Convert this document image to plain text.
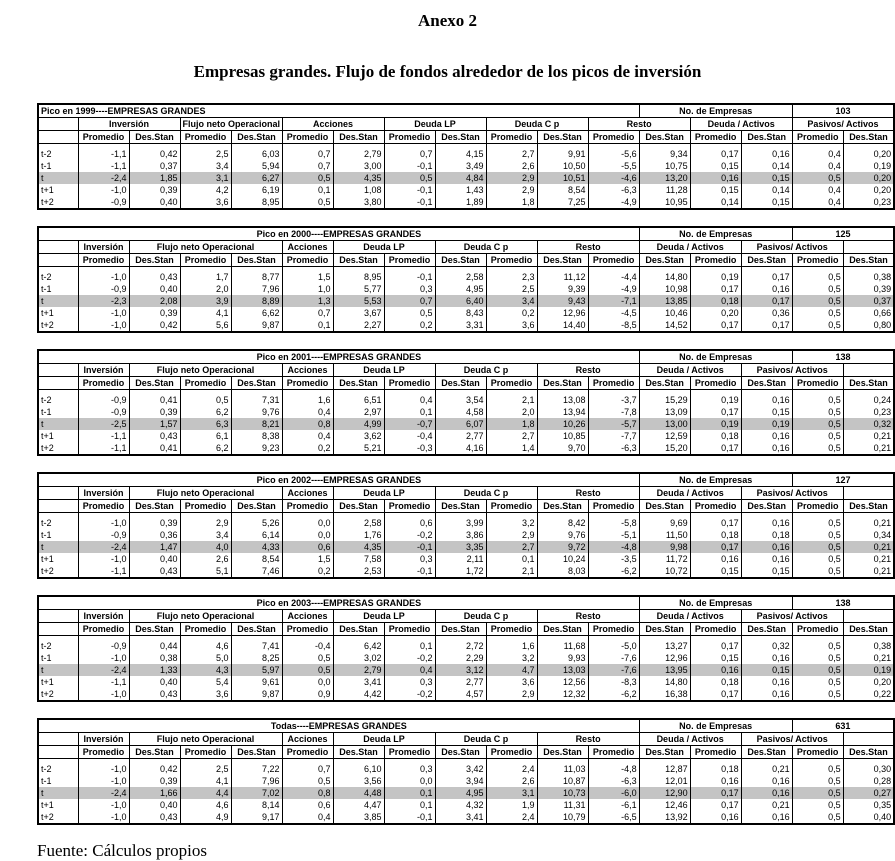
Anexo 2
Empresas grandes. Flujo de fondos alrededor de los picos de inversión
Pico en 1999----EMPRESAS GRANDES												No. de Empresas			103	
	Inversión		Flujo neto Operacional		Acciones		Deuda LP		Deuda C p		Resto		Deuda / Activos		Pasivos/ Activos	
	Promedio	Des.Stan	Promedio	Des.Stan	Promedio	Des.Stan	Promedio	Des.Stan	Promedio	Des.Stan	Promedio	Des.Stan	Promedio	Des.Stan	Promedio	Des.Stan

t-2	-1,1	0,42	2,5	6,03	0,7	2,79	0,7	4,15	2,7	9,91	-5,6	9,34	0,17	0,16	0,4	0,20
t-1	-1,1	0,37	3,4	5,94	0,7	3,00	-0,1	3,49	2,6	10,50	-5,5	10,75	0,15	0,14	0,4	0,19
t	-2,4	1,85	3,1	6,27	0,5	4,35	0,5	4,84	2,9	10,51	-4,6	13,20	0,16	0,15	0,5	0,20
t+1	-1,0	0,39	4,2	6,19	0,1	1,08	-0,1	1,43	2,9	8,54	-6,3	11,28	0,15	0,14	0,4	0,20
t+2	-0,9	0,40	3,6	8,95	0,5	3,80	-0,1	1,89	1,8	7,25	-4,9	10,95	0,14	0,15	0,4	0,23
Pico en 2000----EMPRESAS GRANDES												No. de Empresas			125	
	Inversión	Flujo neto Operacional			Acciones	Deuda LP		Deuda C p		Resto		Deuda / Activos		Pasivos/ Activos		
	Promedio	Des.Stan	Promedio	Des.Stan	Promedio	Des.Stan	Promedio	Des.Stan	Promedio	Des.Stan	Promedio	Des.Stan	Promedio	Des.Stan	Promedio	Des.Stan

t-2	-1,0	0,43	1,7	8,77	1,5	8,95	-0,1	2,58	2,3	11,12	-4,4	14,80	0,19	0,17	0,5	0,38
t-1	-0,9	0,40	2,0	7,96	1,0	5,77	0,3	4,95	2,5	9,39	-4,9	10,98	0,17	0,16	0,5	0,39
t	-2,3	2,08	3,9	8,89	1,3	5,53	0,7	6,40	3,4	9,43	-7,1	13,85	0,18	0,17	0,5	0,37
t+1	-1,0	0,39	4,1	6,62	0,7	3,67	0,5	8,43	0,2	12,96	-4,5	10,46	0,20	0,36	0,5	0,66
t+2	-1,0	0,42	5,6	9,87	0,1	2,27	0,2	3,31	3,6	14,40	-8,5	14,52	0,17	0,17	0,5	0,80
Pico en 2001----EMPRESAS GRANDES												No. de Empresas			138	
	Inversión	Flujo neto Operacional			Acciones	Deuda LP		Deuda C p		Resto		Deuda / Activos		Pasivos/ Activos		
	Promedio	Des.Stan	Promedio	Des.Stan	Promedio	Des.Stan	Promedio	Des.Stan	Promedio	Des.Stan	Promedio	Des.Stan	Promedio	Des.Stan	Promedio	Des.Stan

t-2	-0,9	0,41	0,5	7,31	1,6	6,51	0,4	3,54	2,1	13,08	-3,7	15,29	0,19	0,16	0,5	0,24
t-1	-0,9	0,39	6,2	9,76	0,4	2,97	0,1	4,58	2,0	13,94	-7,8	13,09	0,17	0,15	0,5	0,23
t	-2,5	1,57	6,3	8,21	0,8	4,99	-0,7	6,07	1,8	10,26	-5,7	13,00	0,19	0,19	0,5	0,32
t+1	-1,1	0,43	6,1	8,38	0,4	3,62	-0,4	2,77	2,7	10,85	-7,7	12,59	0,18	0,16	0,5	0,21
t+2	-1,1	0,41	6,2	9,23	0,2	5,21	-0,3	4,16	1,4	9,70	-6,3	15,20	0,17	0,16	0,5	0,21
Pico en 2002----EMPRESAS GRANDES												No. de Empresas			127	
	Inversión	Flujo neto Operacional			Acciones	Deuda LP		Deuda C p		Resto		Deuda / Activos		Pasivos/ Activos		
	Promedio	Des.Stan	Promedio	Des.Stan	Promedio	Des.Stan	Promedio	Des.Stan	Promedio	Des.Stan	Promedio	Des.Stan	Promedio	Des.Stan	Promedio	Des.Stan

t-2	-1,0	0,39	2,9	5,26	0,0	2,58	0,6	3,99	3,2	8,42	-5,8	9,69	0,17	0,16	0,5	0,21
t-1	-0,9	0,36	3,4	6,14	0,0	1,76	-0,2	3,86	2,9	9,76	-5,1	11,50	0,18	0,18	0,5	0,34
t	-2,4	1,47	4,0	4,33	0,6	4,35	-0,1	3,35	2,7	9,72	-4,8	9,98	0,17	0,16	0,5	0,21
t+1	-1,0	0,40	2,6	8,54	1,5	7,58	0,3	2,11	0,1	10,24	-3,5	11,72	0,16	0,16	0,5	0,21
t+2	-1,1	0,43	5,1	7,46	0,2	2,53	-0,1	1,72	2,1	8,03	-6,2	10,72	0,15	0,15	0,5	0,21
Pico en 2003----EMPRESAS GRANDES												No. de Empresas			138	
	Inversión	Flujo neto Operacional			Acciones	Deuda LP		Deuda C p		Resto		Deuda / Activos		Pasivos/ Activos		
	Promedio	Des.Stan	Promedio	Des.Stan	Promedio	Des.Stan	Promedio	Des.Stan	Promedio	Des.Stan	Promedio	Des.Stan	Promedio	Des.Stan	Promedio	Des.Stan

t-2	-0,9	0,44	4,6	7,41	-0,4	6,42	0,1	2,72	1,6	11,68	-5,0	13,27	0,17	0,32	0,5	0,38
t-1	-1,0	0,38	5,0	8,25	0,5	3,02	-0,2	2,29	3,2	9,93	-7,6	12,96	0,15	0,16	0,5	0,21
t	-2,4	1,33	4,3	5,97	0,5	2,79	0,4	3,12	4,7	13,03	-7,6	13,95	0,16	0,15	0,5	0,19
t+1	-1,1	0,40	5,4	9,61	0,0	3,41	0,3	2,77	3,6	12,56	-8,3	14,80	0,18	0,16	0,5	0,20
t+2	-1,0	0,43	3,6	9,87	0,9	4,42	-0,2	4,57	2,9	12,32	-6,2	16,38	0,17	0,16	0,5	0,22
Todas----EMPRESAS GRANDES												No. de Empresas			631	
	Inversión	Flujo neto Operacional			Acciones	Deuda LP		Deuda C p		Resto		Deuda / Activos		Pasivos/ Activos		
	Promedio	Des.Stan	Promedio	Des.Stan	Promedio	Des.Stan	Promedio	Des.Stan	Promedio	Des.Stan	Promedio	Des.Stan	Promedio	Des.Stan	Promedio	Des.Stan

t-2	-1,0	0,42	2,5	7,22	0,7	6,10	0,3	3,42	2,4	11,03	-4,8	12,87	0,18	0,21	0,5	0,30
t-1	-1,0	0,39	4,1	7,96	0,5	3,56	0,0	3,94	2,6	10,87	-6,3	12,01	0,16	0,16	0,5	0,28
t	-2,4	1,66	4,4	7,02	0,8	4,48	0,1	4,95	3,1	10,73	-6,0	12,90	0,17	0,16	0,5	0,27
t+1	-1,0	0,40	4,6	8,14	0,6	4,47	0,1	4,32	1,9	11,31	-6,1	12,46	0,17	0,21	0,5	0,35
t+2	-1,0	0,43	4,9	9,17	0,4	3,85	-0,1	3,41	2,4	10,79	-6,5	13,92	0,16	0,16	0,5	0,40
Fuente: Cálculos propios
